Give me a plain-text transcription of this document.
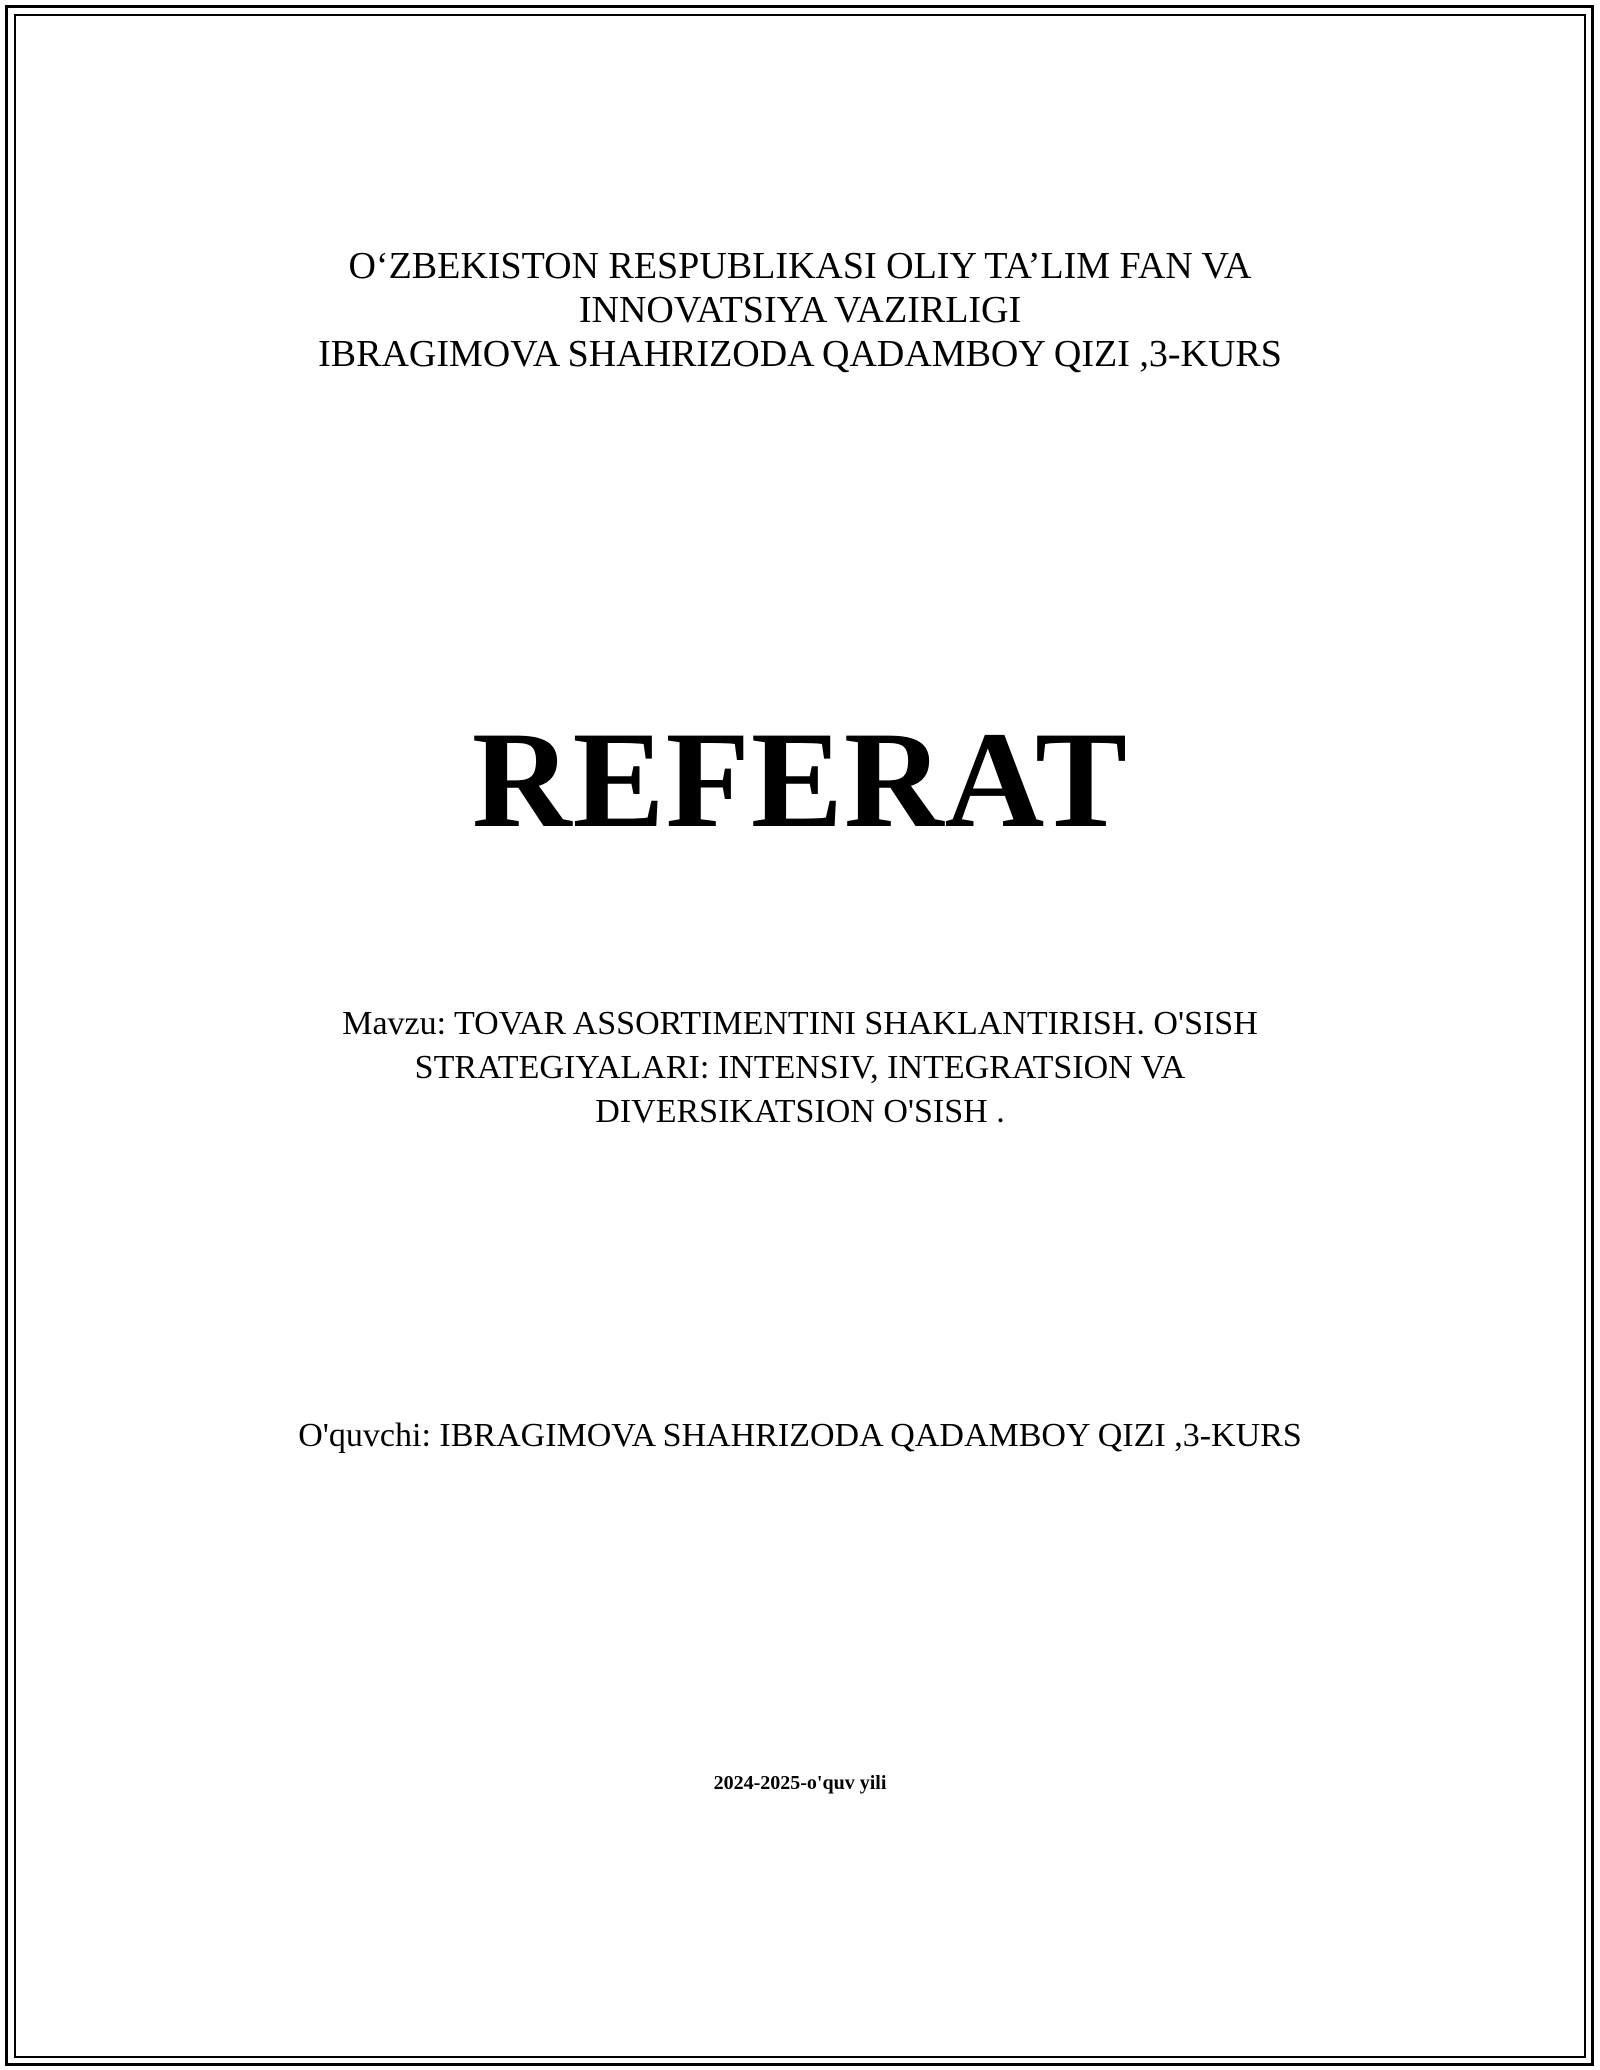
O‘ZBEKISTON RESPUBLIKASI OLIY TA’LIM FAN VA
INNOVATSIYA VAZIRLIGI
IBRAGIMOVA SHAHRIZODA QADAMBOY QIZI ,3-KURS
REFERAT
Mavzu: TOVAR ASSORTIMENTINI SHAKLANTIRISH. O'SISH
STRATEGIYALARI: INTENSIV, INTEGRATSION VA
DIVERSIKATSION O'SISH .
O'quvchi: IBRAGIMOVA SHAHRIZODA QADAMBOY QIZI ,3-KURS
2024-2025-o'quv yili
